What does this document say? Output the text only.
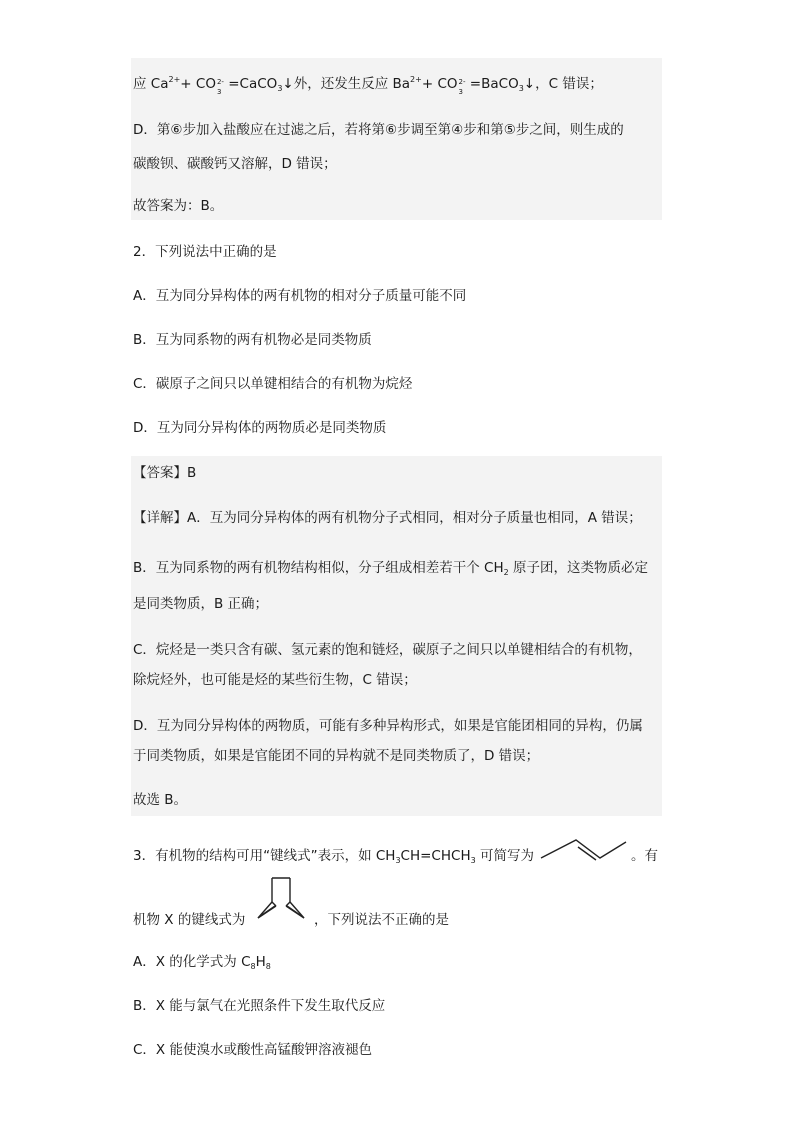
应 $Ca^{2+}+$ CO 2-
3 =CaCO$_3$↓外，还发生反应 $Ba^{2+}+$ CO 2-
3 =BaCO$_3$↓，C 错误；
D．第⑥步加入盐酸应在过滤之后，若将第⑥步调至第④步和第⑤步之间，则生成的
碳酸钡、碳酸钙又溶解，D 错误；
故答案为：B。
2．下列说法中正确的是
A．互为同分异构体的两有机物的相对分子质量可能不同
B．互为同系物的两有机物必是同类物质
C．碳原子之间只以单键相结合的有机物为烷烃
D．互为同分异构体的两物质必是同类物质
【答案】B
【详解】A．互为同分异构体的两有机物分子式相同，相对分子质量也相同，A 错误；
B．互为同系物的两有机物结构相似，分子组成相差若干个 $CH_2$ 原子团，这类物质必定
是同类物质，B 正确；
C．烷烃是一类只含有碳、氢元素的饱和链烃，碳原子之间只以单键相结合的有机物，
除烷烃外，也可能是烃的某些衍生物，C 错误；
D．互为同分异构体的两物质，可能有多种异构形式，如果是官能团相同的异构，仍属
于同类物质，如果是官能团不同的异构就不是同类物质了，D 错误；
故选 B。
3．有机物的结构可用“键线式”表示，如 $CH_3CH=CHCH_3$ 可简写为	。有
机物 X 的键线式为	，下列说法不正确的是
A．X 的化学式为 $C_8H_8$
B．X 能与氯气在光照条件下发生取代反应
C．X 能使溴水或酸性高锰酸钾溶液褪色
